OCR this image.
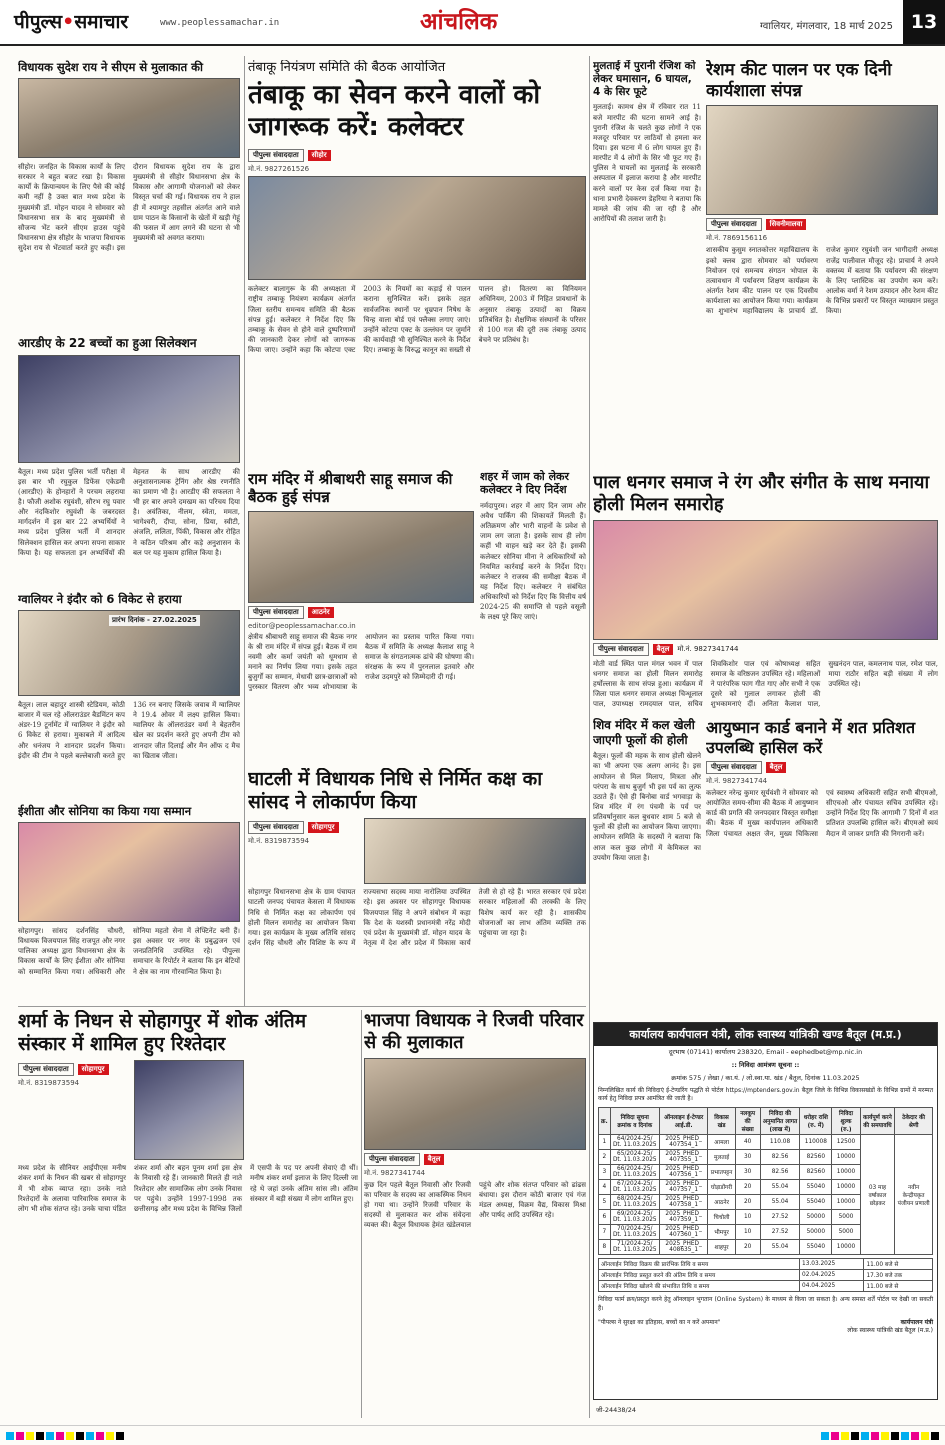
पीपुल्स•समाचार	www.peoplessamachar.in	आंचलिक	ग्वालियर, मंगलवार, 18 मार्च 2025 13
विधायक सुदेश राय ने सीएम से मुलाकात की
सीहोर। जनहित के विकास कार्यों के लिए सरकार ने बहुत बजट रखा है। विकास कार्यों के क्रियान्वयन के लिए पैसे की कोई कमी नहीं है उक्त बात मध्य प्रदेश के मुख्यमंत्री डॉ. मोहन यादव ने सोमवार को विधानसभा सत्र के बाद मुख्यमंत्री से सौजन्य भेंट करने सीएम हाउस पहुंचे विधानसभा क्षेत्र सीहोर के भाजपा विधायक सुदेश राय से भेंटवार्ता करते हुए कही। इस दौरान विधायक सुदेश राय के द्वारा मुख्यमंत्री से सीहोर विधानसभा क्षेत्र के विकास और आगामी योजनाओं को लेकर विस्तृत चर्चा की गई। विधायक राय ने हाल ही में श्यामपुर तहसील अंतर्गत आने वाले ग्राम पाठन के किसानों के खेतों में खड़ी गेहूं की फसल में आग लगने की घटना से भी मुख्यमंत्री को अवगत कराया।
आरडीए के 22 बच्चों का हुआ सिलेक्शन
बैतूल। मध्य प्रदेश पुलिस भर्ती परीक्षा में इस बार भी रघुकुल डिफेंस एकेडमी (आरडीए) के होनहारों ने परचम लहराया है। फौजी अशोक रघुवंशी, सौरभ रघु पवार और नंदकिशोर रघुवंशी के जबरदस्त मार्गदर्शन में इस बार 22 अभ्यर्थियों ने मध्य प्रदेश पुलिस भर्ती में शानदार सिलेक्शन हासिल कर अपना सपना साकार किया है। यह सफलता इन अभ्यर्थियों की मेहनत के साथ आरडीए की अनुशासनात्मक ट्रेनिंग और श्रेष्ठ रणनीति का प्रमाण भी है। आरडीए की सफलता ने भी हर बार अपने दमखम का परिचय दिया है। अवंतिका, नीलम, स्वेता, ममता, भागेश्वरी, दीपा, सोना, प्रिया, स्वीटी, अंजलि, ललिता, पिंकी, विकास और रोहित ने कठिन परिश्रम और कड़े अनुशासन के बल पर यह मुकाम हासिल किया है।
ग्वालियर ने इंदौर को 6 विकेट से हराया
प्रारंभ दिनांक - 27.02.2025
बैतूल। लाल बहादुर शास्त्री स्टेडियम, कोठी बाजार में चल रहे ऑलराउंडर बैडमिंटन कप अंडर-19 टूर्नामेंट में ग्वालियर ने इंदौर को 6 विकेट से हराया। मुकाबले में आदित्य और धनंजय ने शानदार प्रदर्शन किया। इंदौर की टीम ने पहले बल्लेबाजी करते हुए 136 रन बनाए जिसके जवाब में ग्वालियर ने 19.4 ओवर में लक्ष्य हासिल किया। ग्वालियर के ऑलराउंडर वर्मा ने बेहतरीन खेल का प्रदर्शन करते हुए अपनी टीम को शानदार जीत दिलाई और मैन ऑफ द मैच का खिताब जीता।
ईशीता और सोनिया का किया गया सम्मान
सोहागपुर। सांसद दर्शनसिंह चौधरी, विधायक विजयपाल सिंह राजपूत और नगर पालिका अध्यक्ष द्वारा विधानसभा क्षेत्र के विकास कार्यों के लिए ईशीता और सोनिया को सम्मानित किया गया। अधिकारी और सोनिया महतो सेना में लेफ्टिनेंट बनी हैं। इस अवसर पर नगर के प्रबुद्धजन एवं जनप्रतिनिधि उपस्थित रहे। पीपुल्स समाचार के रिपोर्टर ने बताया कि इन बेटियों ने क्षेत्र का नाम गौरवान्वित किया है।
तंबाकू नियंत्रण समिति की बैठक आयोजित
तंबाकू का सेवन करने वालों को जागरूक करें: कलेक्टर
पीपुल्स संवाददाता	सीहोर
मो.नं. 9827261526
कलेक्टर बालागुरू के की अध्यक्षता में राष्ट्रीय तम्बाकू नियंत्रण कार्यक्रम अंतर्गत जिला स्तरीय समन्वय समिति की बैठक संपन्न हुई। कलेक्टर ने निर्देश दिए कि तम्बाकू के सेवन से होने वाले दुष्परिणामों की जानकारी देकर लोगों को जागरूक किया जाए। उन्होंने कहा कि कोटपा एक्ट 2003 के नियमों का कड़ाई से पालन कराना सुनिश्चित करें। इसके तहत सार्वजनिक स्थानों पर धूम्रपान निषेध के चिन्ह वाला बोर्ड एवं फ्लैक्स लगाए जाएं। उन्होंने कोटपा एक्ट के उल्लंघन पर जुर्माने की कार्यवाही भी सुनिश्चित करने के निर्देश दिए। तम्बाकू के विरुद्ध कानून का सख्ती से पालन हो। वितरण का विनियमन अधिनियम, 2003 में निहित प्रावधानों के अनुसार तंबाकू उत्पादों का विक्रय प्रतिबंधित है। शैक्षणिक संस्थानों के परिसर से 100 गज की दूरी तक तंबाकू उत्पाद बेचने पर प्रतिबंध है।
राम मंदिर में श्रीबाथरी साहू समाज की बैठक हुई संपन्न
पीपुल्स संवाददाता	आठनेर
editor@peoplessamachar.co.in
क्षेत्रीय श्रीबाथरी साहू समाज की बैठक नगर के श्री राम मंदिर में संपन्न हुई। बैठक में राम नवमी और कर्मा जयंती को धूमधाम से मनाने का निर्णय लिया गया। इसके तहत बुजुर्गों का सम्मान, मेधावी छात्र-छात्राओं को पुरस्कार वितरण और भव्य शोभायात्रा के आयोजन का प्रस्ताव पारित किया गया। बैठक में समिति के अध्यक्ष कैलाश साहू ने समाज के संगठनात्मक ढांचे की घोषणा की। संरक्षक के रूप में पुरनलाल इतवारे और राजेश उदमपुरे को जिम्मेदारी दी गई।
शहर में जाम को लेकर कलेक्टर ने दिए निर्देश
नर्मदापुरम। शहर में आए दिन जाम और अवैध पार्किंग की शिकायतें मिलती हैं। अतिक्रमण और भारी वाहनों के प्रवेश से जाम लग जाता है। इसके साथ ही लोग कहीं भी वाहन खड़े कर देते हैं। इसकी कलेक्टर सोनिया मीना ने अधिकारियों को नियमित कार्रवाई करने के निर्देश दिए। कलेक्टर ने राजस्व की समीक्षा बैठक में यह निर्देश दिए। कलेक्टर ने संबंधित अधिकारियों को निर्देश दिए कि वित्तीय वर्ष 2024-25 की समाप्ति से पहले वसूली के लक्ष्य पूरे किए जाएं।
घाटली में विधायक निधि से निर्मित कक्ष का सांसद ने लोकार्पण किया
पीपुल्स संवाददाता	सोहागपुर
मो.नं. 8319873594
सोहागपुर विधानसभा क्षेत्र के ग्राम पंचायत घाटली जनपद पंचायत केसला में विधायक निधि से निर्मित कक्ष का लोकार्पण एवं होली मिलन समारोह का आयोजन किया गया। इस कार्यक्रम के मुख्य अतिथि सांसद दर्शन सिंह चौधरी और विशिष्ट के रूप में राज्यसभा सदस्य माया नारोलिया उपस्थित रहे। इस अवसर पर सोहागपुर विधायक विजयपाल सिंह ने अपने संबोधन में कहा कि देश के यशस्वी प्रधानमंत्री नरेंद्र मोदी एवं प्रदेश के मुख्यमंत्री डॉ. मोहन यादव के नेतृत्व में देश और प्रदेश में विकास कार्य तेजी से हो रहे हैं। भारत सरकार एवं प्रदेश सरकार महिलाओं की तरक्की के लिए विशेष कार्य कर रही है। शासकीय योजनाओं का लाभ अंतिम व्यक्ति तक पहुंचाया जा रहा है।
शर्मा के निधन से सोहागपुर में शोक अंतिम संस्कार में शामिल हुए रिश्तेदार
पीपुल्स संवाददाता	सोहागपुर
मो.नं. 8319873594
मध्य प्रदेश के सीनियर आईपीएस मनीष शंकर शर्मा के निधन की खबर से सोहागपुर में भी शोक व्याप्त रहा। उनके नाते रिश्तेदारों के अलावा पारिवारिक समाज के लोग भी शोक संतप्त रहे। उनके चाचा पंडित शंकर शर्मा और बहन पूनम शर्मा इस क्षेत्र के निवासी रहे हैं। जानकारी मिलते ही नाते रिश्तेदार और सामाजिक लोग उनके निवास पर पहुंचे। उन्होंने 1997-1998 तक छत्तीसगढ़ और मध्य प्रदेश के विभिन्न जिलों में एसपी के पद पर अपनी सेवाएं दी थीं। मनीष शंकर शर्मा इलाज के लिए दिल्ली जा रहे थे जहां उनके अंतिम सांस ली। अंतिम संस्कार में बड़ी संख्या में लोग शामिल हुए।
भाजपा विधायक ने रिजवी परिवार से की मुलाकात
पीपुल्स संवाददाता	बैतूल
मो.नं. 9827341744
कुछ दिन पहले बैतूल निवासी और रिजवी का परिवार के सदस्य का आकस्मिक निधन हो गया था। उन्होंने रिजवी परिवार के सदस्यों से मुलाकात कर शोक संवेदना व्यक्त की। बैतूल विधायक हेमंत खंडेलवाल पहुंचे और शोक संतप्त परिवार को ढांढस बंधाया। इस दौरान कोठी बाजार एवं गंज मंडल अध्यक्ष, विक्रम वैद्य, विकास मिश्रा और पार्षद आदि उपस्थित रहे।
मुलताई में पुरानी रंजिश को लेकर घमासान, 6 घायल, 4 के सिर फूटे
मुलताई। कामथ क्षेत्र में रविवार रात 11 बजे मारपीट की घटना सामने आई है। पुरानी रंजिश के चलते कुछ लोगों ने एक मजदूर परिवार पर लाठियों से हमला कर दिया। इस घटना में 6 लोग घायल हुए हैं। मारपीट में 4 लोगों के सिर भी फूट गए हैं। पुलिस ने घायलों का मुलताई के सरकारी अस्पताल में इलाज कराया है और मारपीट करने वालों पर केस दर्ज किया गया है। थाना प्रभारी देवकरण डेहरिया ने बताया कि मामले की जांच की जा रही है और आरोपियों की तलाश जारी है।
रेशम कीट पालन पर एक दिनी कार्यशाला संपन्न
पीपुल्स संवाददाता	सिवनीमालवा
मो.नं. 7869156116
शासकीय कुसुम स्नातकोत्तर महाविद्यालय के इको क्लब द्वारा सोमवार को पर्यावरण नियोजन एवं समन्वय संगठन भोपाल के तत्वावधान में पर्यावरण शिक्षण कार्यक्रम के अंतर्गत रेशम कीट पालन पर एक दिवसीय कार्यशाला का आयोजन किया गया। कार्यक्रम का शुभारंभ महाविद्यालय के प्राचार्य डॉ. राजेश कुमार रघुवंशी जन भागीदारी अध्यक्ष राजेंद्र पालीवाल मौजूद रहे। प्राचार्य ने अपने वक्तव्य में बताया कि पर्यावरण की संरक्षण के लिए प्लास्टिक का उपयोग कम करें। आलोक वर्मा ने रेशम उत्पादन और रेशम कीट के विभिन्न प्रकारों पर विस्तृत व्याख्यान प्रस्तुत किया।
पाल धनगर समाज ने रंग और संगीत के साथ मनाया होली मिलन समारोह
पीपुल्स संवाददाता	बैतूल	मो.नं. 9827341744
मोती वार्ड स्थित पाल मंगल भवन में पाल धनगर समाज का होली मिलन समारोह हर्षोल्लास के साथ संपन्न हुआ। कार्यक्रम में जिला पाल धनगर समाज अध्यक्ष चिन्धूलाल पाल, उपाध्यक्ष रामदयाल पाल, सचिव शिवकिशोर पाल एवं कोषाध्यक्ष सहित समाज के वरिष्ठजन उपस्थित रहे। महिलाओं ने पारंपरिक फाग गीत गाए और सभी ने एक दूसरे को गुलाल लगाकर होली की शुभकामनाएं दीं। अनिता कैलाश पाल, सुखनंदन पाल, कमलनाथ पाल, रमेश पाल, माया राठौर सहित बड़ी संख्या में लोग उपस्थित रहे।
शिव मंदिर में कल खेली जाएगी फूलों की होली
बैतूल। फूलों की महक के साथ होली खेलने का भी अपना एक अलग आनंद है। इस आयोजन से मिल मिलाप, मित्रता और परंपरा के साथ बुजुर्ग भी इस पर्व का लुत्फ उठाते हैं। ऐसे ही बिनोबा वार्ड भगवाड़ा के शिव मंदिर में रंग पंचमी के पर्व पर प्रतिवर्षानुसार कल बुधवार शाम 5 बजे से फूलों की होली का आयोजन किया जाएगा। आयोजन समिति के सदस्यों ने बताया कि आज कल कुछ लोगों में केमिकल का उपयोग किया जाता है।
आयुष्मान कार्ड बनाने में शत प्रतिशत उपलब्धि हासिल करें
पीपुल्स संवाददाता	बैतूल
मो.नं. 9827341744
कलेक्टर नरेन्द्र कुमार सूर्यवंशी ने सोमवार को आयोजित समय-सीमा की बैठक में आयुष्मान कार्ड की प्रगति की जनपदवार विस्तृत समीक्षा की। बैठक में मुख्य कार्यपालन अधिकारी जिला पंचायत अक्षत जैन, मुख्य चिकित्सा एवं स्वास्थ्य अधिकारी सहित सभी बीएमओ, सीएचओ और पंचायत सचिव उपस्थित रहे। उन्होंने निर्देश दिए कि आगामी 7 दिनों में शत प्रतिशत उपलब्धि हासिल करें। बीएमओ स्वयं मैदान में जाकर प्रगति की निगरानी करें।
कार्यालय कार्यपालन यंत्री, लोक स्वास्थ्य यांत्रिकी खण्ड बैतूल (म.प्र.)
दूरभाष (07141) कार्यालय 238320, Email - eephedbet@mp.nic.in
:: निविदा आमंत्रण सूचना ::
क्रमांक 575 / लेखा / का.यं. / लो.स्वा.या. खंड / बैतूल, दिनांक 11.03.2025
निम्नलिखित कार्य की निविदाएं ई-टेण्डरिंग पद्धति से पोर्टल https://mptenders.gov.in बैतूल जिले के विभिन्न विकासखंडों के विभिन्न ग्रामों में मरम्मत कार्य हेतु निविदा प्रपत्र आमंत्रित की जाती है।
क्र.	निविदा सूचना क्रमांक व दिनांक	ऑनलाइन ई-टेण्डर आई.डी.	विकास खंड	नलकूप की संख्या	निविदा की अनुमानित लागत (लाख में)	धरोहर राशि (रु. में)	निविदा शुल्क (रु.)	कार्यपूर्ण करने की समयावधि	ठेकेदार की श्रेणी
1	64/2024-25/ Dt. 11.03.2025	2025_PHED_ 407354_1	आमला	40	110.08	110008	12500	03 माह वर्षाकाल छोड़कर	नवीन केन्द्रीयकृत पंजीयन प्रणाली
2	65/2024-25/ Dt. 11.03.2025	2025_PHED_ 407355_1	मुलताई	30	82.56	82560	10000		
3	66/2024-25/ Dt. 11.03.2025	2025_PHED_ 407356_1	प्रभातपट्टन	30	82.56	82560	10000		
4	67/2024-25/ Dt. 11.03.2025	2025_PHED_ 407357_1	घोड़ाडोंगरी	20	55.04	55040	10000		
5	68/2024-25/ Dt. 11.03.2025	2025_PHED_ 407358_1	आठनेर	20	55.04	55040	10000		
6	69/2024-25/ Dt. 11.03.2025	2025_PHED_ 407359_1	चिचोली	10	27.52	50000	5000		
7	70/2024-25/ Dt. 11.03.2025	2025_PHED_ 407360_1	भीमपुर	10	27.52	50000	5000		
8	71/2024-25/ Dt. 11.03.2025	2025_PHED_ 408635_1	शाहपुर	20	55.04	55040	10000		
ऑनलाईन निविदा विक्रय की प्रारंभिक तिथि व समय	13.03.2025	11.00 बजे से
ऑनलाईन निविदा प्रस्तुत करने की अंतिम तिथि व समय	02.04.2025	17.30 बजे तक
ऑनलाईन निविदा खोलने की संभावित तिथि व समय	04.04.2025	11.00 बजे से
निविदा फार्म क्रय/प्रस्तुत करने हेतु ऑनलाइन भुगतान (Online System) के माध्यम से किया जा सकता है। अन्य समस्त शर्तें पोर्टल पर देखी जा सकती हैं।
"पीपल्स ने सुरक्षा का इतिहास, बच्चों का न करें अपमान"	कार्यपालन यंत्री
लोक स्वास्थ्य यांत्रिकी खंड बैतूल (म.प्र.)
जी-24438/24
